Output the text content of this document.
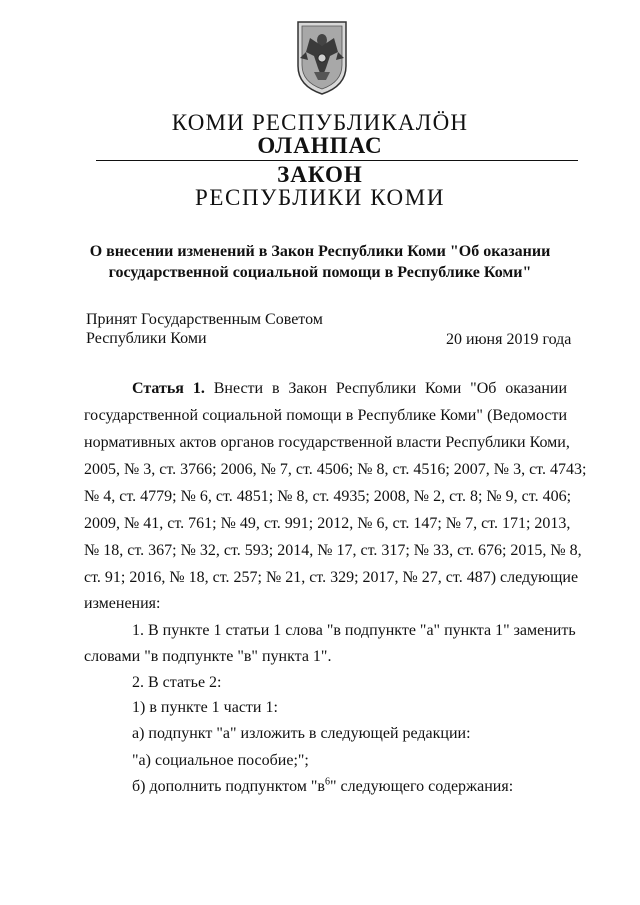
КОМИ РЕСПУБЛИКАЛÖН
ОЛАНПАС
ЗАКОН
РЕСПУБЛИКИ КОМИ
О внесении изменений в Закон Республики Коми "Об оказании
государственной социальной помощи в Республике Коми"
Принят Государственным Советом
Республики Коми	20 июня 2019 года
Статья 1. Внести в Закон Республики Коми "Об оказании
государственной социальной помощи в Республике Коми" (Ведомости
нормативных актов органов государственной власти Республики Коми,
2005, № 3, ст. 3766; 2006, № 7, ст. 4506; № 8, ст. 4516; 2007, № 3, ст. 4743;
№ 4, ст. 4779; № 6, ст. 4851; № 8, ст. 4935; 2008, № 2, ст. 8; № 9, ст. 406;
2009, № 41, ст. 761; № 49, ст. 991; 2012, № 6, ст. 147; № 7, ст. 171; 2013,
№ 18, ст. 367; № 32, ст. 593; 2014, № 17, ст. 317; № 33, ст. 676; 2015, № 8,
ст. 91; 2016, № 18, ст. 257; № 21, ст. 329; 2017, № 27, ст. 487) следующие
изменения:
1. В пункте 1 статьи 1 слова "в подпункте "а" пункта 1" заменить
словами "в подпункте "в" пункта 1".
2. В статье 2:
1) в пункте 1 части 1:
а) подпункт "а" изложить в следующей редакции:
"а) социальное пособие;";
б) дополнить подпунктом "$в^6$" следующего содержания:
